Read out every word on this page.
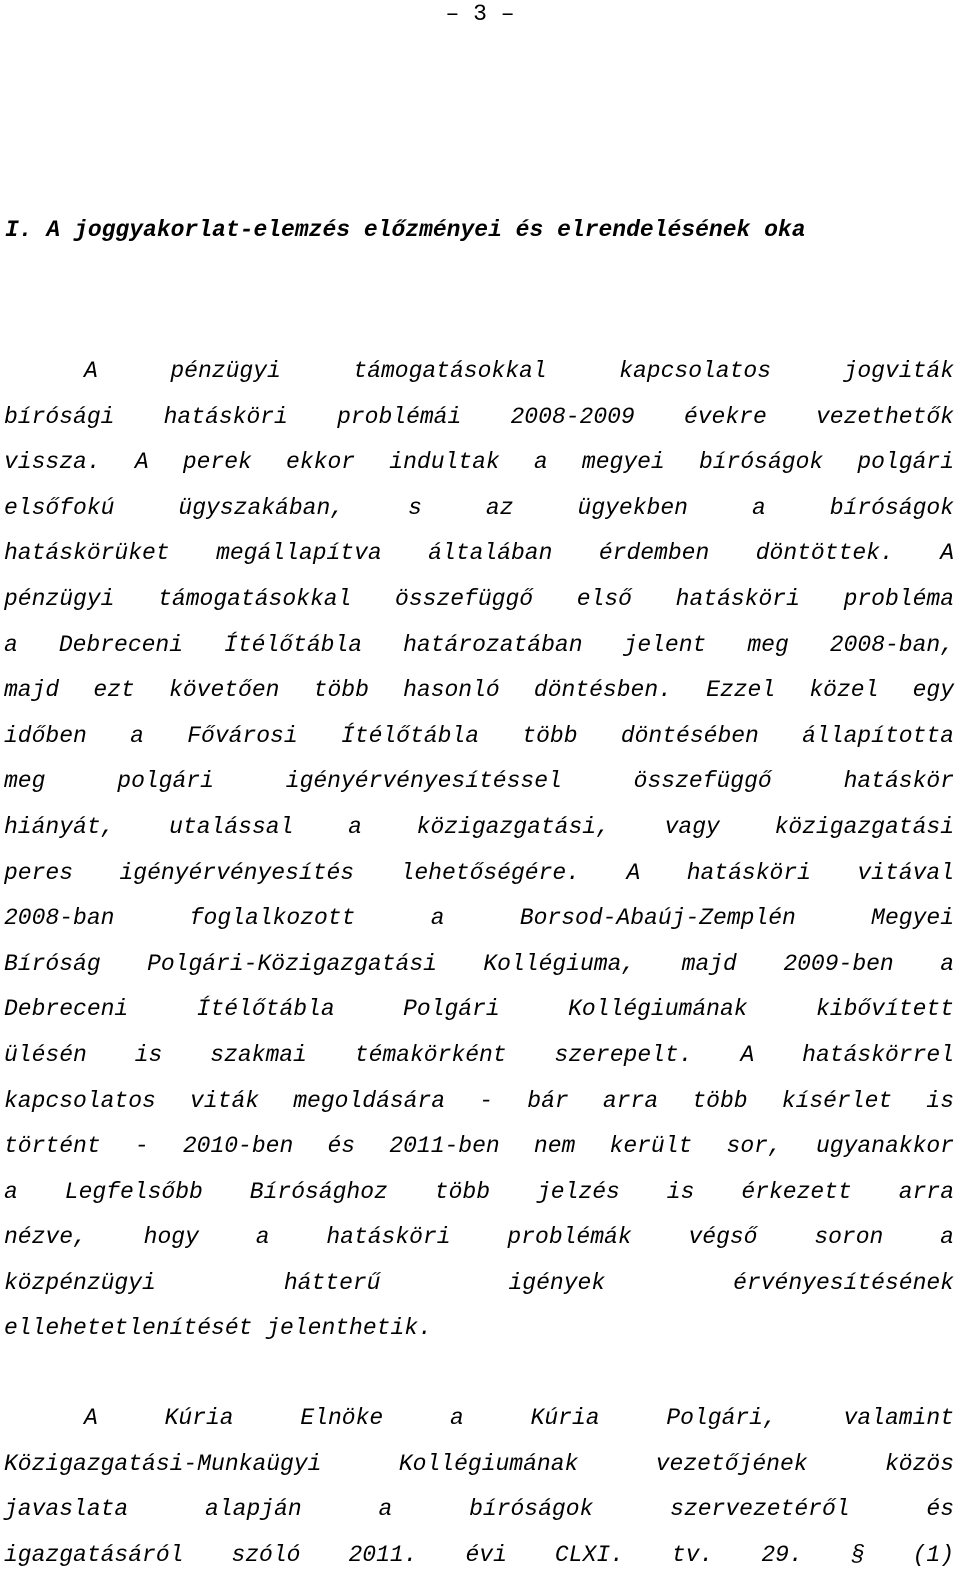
– 3 –
I. A joggyakorlat-elemzés előzményei és elrendelésének oka
A pénzügyi támogatásokkal kapcsolatos jogviták
bírósági hatásköri problémái 2008-2009 évekre vezethetők
vissza. A perek ekkor indultak a megyei bíróságok polgári
elsőfokú ügyszakában, s az ügyekben a bíróságok
hatáskörüket megállapítva általában érdemben döntöttek. A
pénzügyi támogatásokkal összefüggő első hatásköri probléma
a Debreceni Ítélőtábla határozatában jelent meg 2008-ban,
majd ezt követően több hasonló döntésben. Ezzel közel egy
időben a Fővárosi Ítélőtábla több döntésében állapította
meg polgári igényérvényesítéssel összefüggő hatáskör
hiányát, utalással a közigazgatási, vagy közigazgatási
peres igényérvényesítés lehetőségére. A hatásköri vitával
2008-ban foglalkozott a Borsod-Abaúj-Zemplén Megyei
Bíróság Polgári-Közigazgatási Kollégiuma, majd 2009-ben a
Debreceni Ítélőtábla Polgári Kollégiumának kibővített
ülésén is szakmai témakörként szerepelt. A hatáskörrel
kapcsolatos viták megoldására - bár arra több kísérlet is
történt - 2010-ben és 2011-ben nem került sor, ugyanakkor
a Legfelsőbb Bírósághoz több jelzés is érkezett arra
nézve, hogy a hatásköri problémák végső soron a
közpénzügyi hátterű igények érvényesítésének
ellehetetlenítését jelenthetik.
A Kúria Elnöke a Kúria Polgári, valamint
Közigazgatási-Munkaügyi Kollégiumának vezetőjének közös
javaslata alapján a bíróságok szervezetéről és
igazgatásáról szóló 2011. évi CLXI. tv. 29. § (1)
